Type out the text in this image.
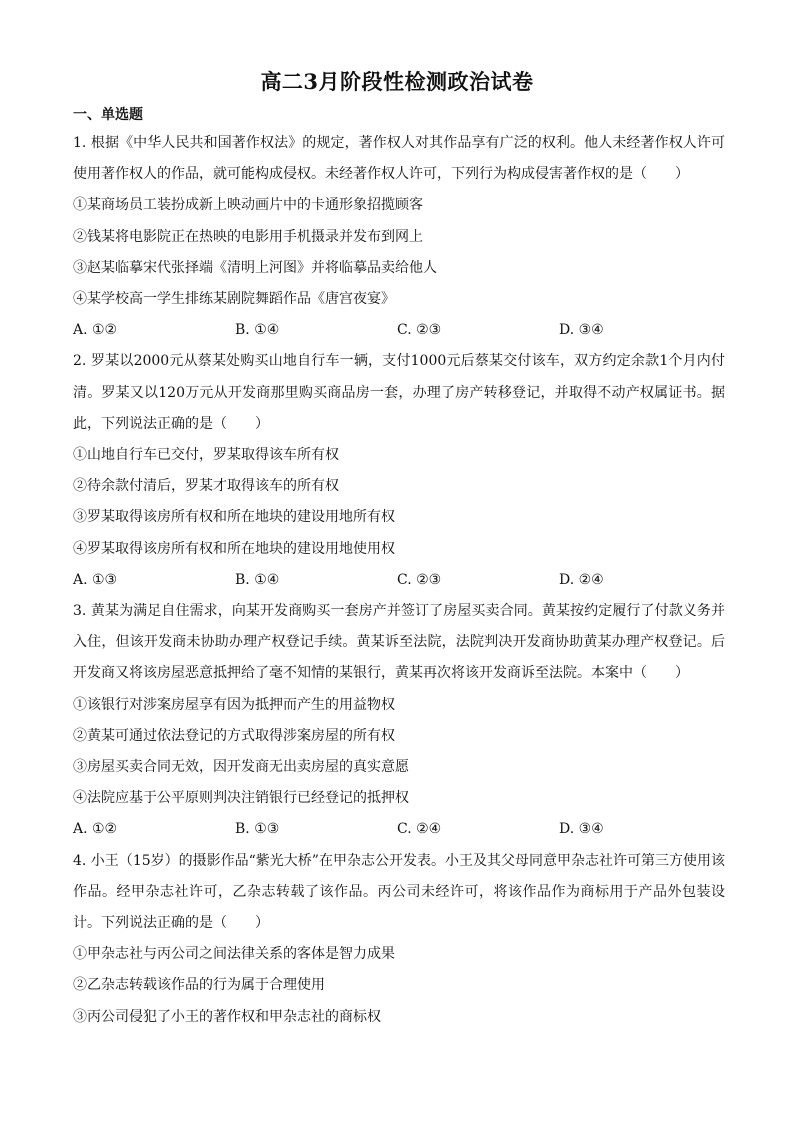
高二3月阶段性检测政治试卷
一、单选题

1. 根据《中华人民共和国著作权法》的规定，著作权人对其作品享有广泛的权利。他人未经著作权人许可使用著作权人的作品，就可能构成侵权。未经著作权人许可，下列行为构成侵害著作权的是（　　）

①某商场员工装扮成新上映动画片中的卡通形象招揽顾客

②钱某将电影院正在热映的电影用手机摄录并发布到网上

③赵某临摹宋代张择端《清明上河图》并将临摹品卖给他人

④某学校高一学生排练某剧院舞蹈作品《唐宫夜宴》

A. ①②	B. ①④	C. ②③	D. ③④

2. 罗某以2000元从蔡某处购买山地自行车一辆，支付1000元后蔡某交付该车，双方约定余款1个月内付清。罗某又以120万元从开发商那里购买商品房一套，办理了房产转移登记，并取得不动产权属证书。据此，下列说法正确的是（　　）

①山地自行车已交付，罗某取得该车所有权

②待余款付清后，罗某才取得该车的所有权

③罗某取得该房所有权和所在地块的建设用地所有权

④罗某取得该房所有权和所在地块的建设用地使用权

A. ①③	B. ①④	C. ②③	D. ②④

3. 黄某为满足自住需求，向某开发商购买一套房产并签订了房屋买卖合同。黄某按约定履行了付款义务并入住，但该开发商未协助办理产权登记手续。黄某诉至法院，法院判决开发商协助黄某办理产权登记。后开发商又将该房屋恶意抵押给了毫不知情的某银行，黄某再次将该开发商诉至法院。本案中（　　）

①该银行对涉案房屋享有因为抵押而产生的用益物权

②黄某可通过依法登记的方式取得涉案房屋的所有权

③房屋买卖合同无效，因开发商无出卖房屋的真实意愿

④法院应基于公平原则判决注销银行已经登记的抵押权

A. ①②	B. ①③	C. ②④	D. ③④

4. 小王（15岁）的摄影作品“紫光大桥”在甲杂志公开发表。小王及其父母同意甲杂志社许可第三方使用该作品。经甲杂志社许可，乙杂志转载了该作品。丙公司未经许可，将该作品作为商标用于产品外包装设计。下列说法正确的是（　　）

①甲杂志社与丙公司之间法律关系的客体是智力成果

②乙杂志转载该作品的行为属于合理使用

③丙公司侵犯了小王的著作权和甲杂志社的商标权
